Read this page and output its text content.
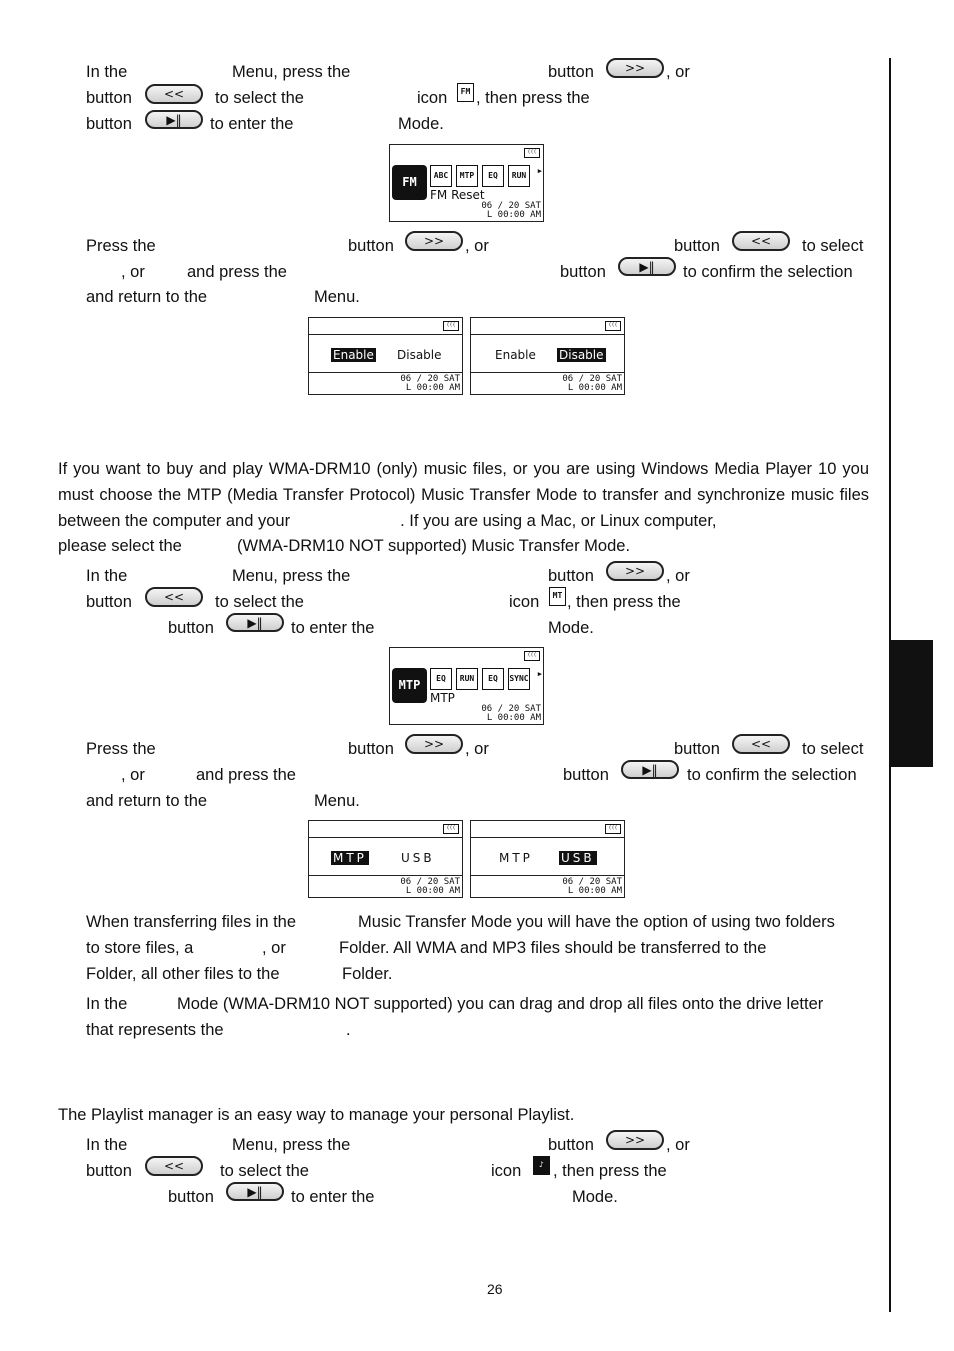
In the	Menu, press the	button	>>	, or
button	<<	to select the	icon	FM , then press the
button	▶‖	to enter the	Mode.
(((
FM	ABC	MTP	EQ	RUN	▶
FM Reset
06 / 20 SAT
L 00:00 AM
Press the	button	>>	, or	button	<<	to select
, or	and press the	button	▶‖	to confirm the selection
and return to the	Menu.
(((
Enable Disable
06 / 20 SAT
L 00:00 AM
(((
Enable Disable
06 / 20 SAT
L 00:00 AM
If you want to buy and play WMA-DRM10 (only) music files, or you are using Windows Media Player 10 you must choose the MTP (Media Transfer Protocol) Music Transfer Mode to transfer and synchronize music files between the computer and your	. If you are using a Mac, or Linux computer,
please select the	(WMA-DRM10 NOT supported) Music Transfer Mode.
In the	Menu, press the	button	>>	, or
button	<<	to select the	icon	MT , then press the
button	▶‖	to enter the	Mode.
(((
MTP	EQ	RUN	EQ	SYNC ▶
MTP
06 / 20 SAT
L 00:00 AM
Press the	button	>>	, or	button	<<	to select
, or	and press the	button	▶‖	to confirm the selection
and return to the	Menu.
(((
MTP	USB
06 / 20 SAT
L 00:00 AM
(((
MTP USB
06 / 20 SAT
L 00:00 AM
When transferring files in the	Music Transfer Mode you will have the option of using two folders
to store files, a	, or	Folder. All WMA and MP3 files should be transferred to the
Folder, all other files to the	Folder.
In the	Mode (WMA-DRM10 NOT supported) you can drag and drop all files onto the drive letter
that represents the	.
The Playlist manager is an easy way to manage your personal Playlist.
In the	Menu, press the	button	>>	, or
button	<<	to select the	icon	♪ , then press the
button	▶‖	to enter the	Mode.
26
